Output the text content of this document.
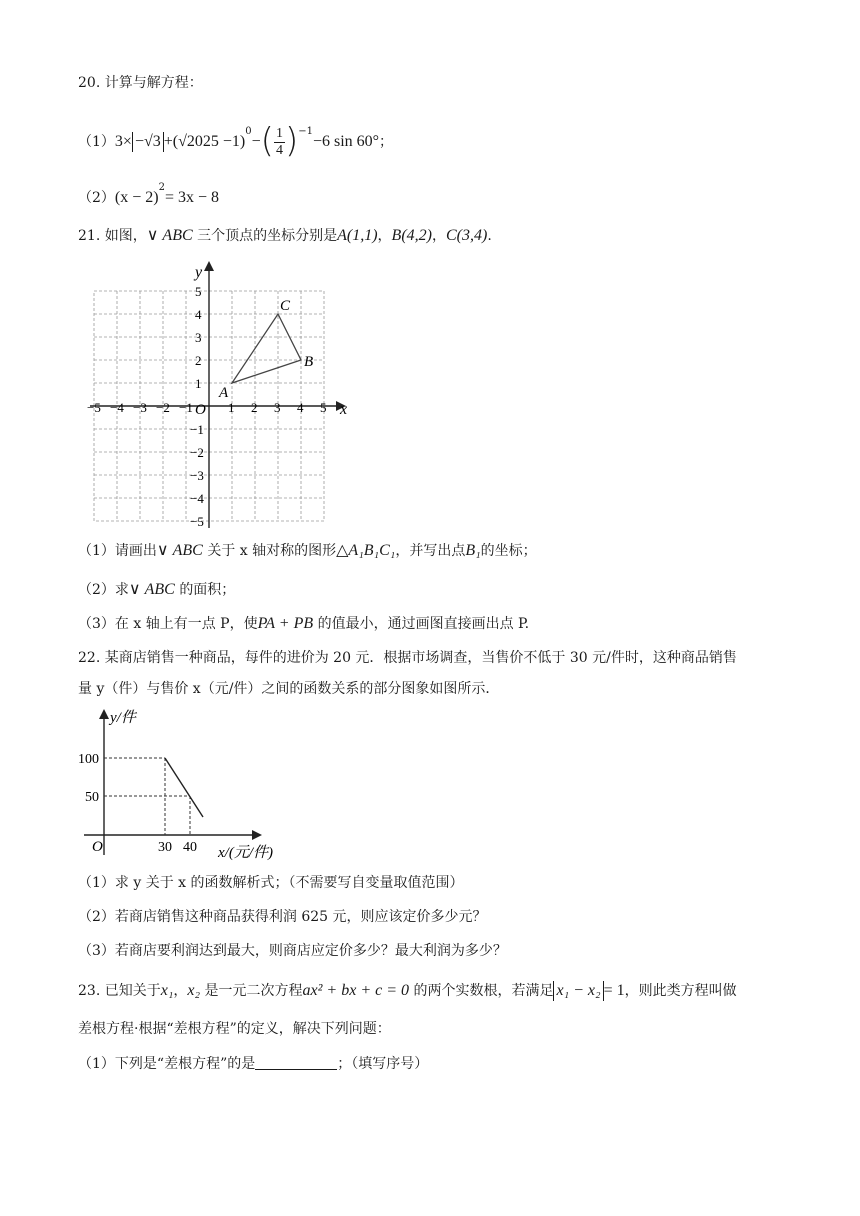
20. 计算与解方程：
$(1)3\times -√3 +(√2025 -1)^0-( \frac{1}{4} )^{-1}-6$ sin 60°；
$(2)(x - 2)^2= 3x - 8$
21. 如图，∨ ABC 三个顶点的坐标分别是A(1,1)，B(4,2)，C(3,4).
−5 −4 −3 −2 −1	1 2 3 4 5
1
2
3
4
5
−1
−2
−3
−4
−5
A
B
C
x
y
O
（1）请画出∨ ABC 关于 x 轴对称的图形△A₁B₁C₁，并写出点B₁的坐标；
（2）求∨ ABC 的面积；
（3）在 x 轴上有一点 P，使PA + PB 的值最小，通过画图直接画出点 P.
22. 某商店销售一种商品，每件的进价为 20 元．根据市场调查，当售价不低于 30 元/件时，这种商品销售
量 y（件）与售价 x（元/件）之间的函数关系的部分图象如图所示．
y/件
100
50
O	30 40 x/(元/件)
（1）求 y 关于 x 的函数解析式；（不需要写自变量取值范围）
（2）若商店销售这种商品获得利润 625 元，则应该定价多少元？
（3）若商店要利润达到最大，则商店应定价多少？最大利润为多少？
23. 已知关于x₁，x₂ 是一元二次方程ax² + bx + c = 0 的两个实数根，若满足 x₁ − x₂ = 1，则此类方程叫做
差根方程·根据“差根方程”的定义，解决下列问题：
（1）下列是“差根方程”的是	；（填写序号）
